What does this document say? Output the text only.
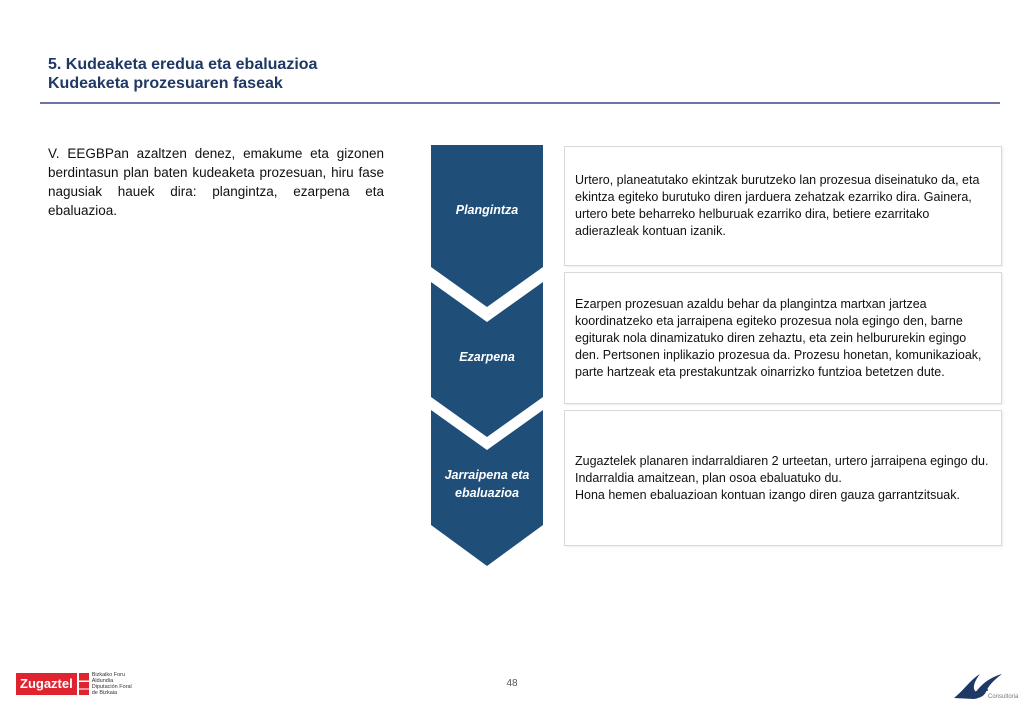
5. Kudeaketa eredua eta ebaluazioa
Kudeaketa prozesuaren faseak
V. EEGBPan azaltzen denez, emakume eta gizonen berdintasun plan baten kudeaketa prozesuan, hiru fase nagusiak hauek dira: plangintza, ezarpena eta ebaluazioa.	Plangintza
Ezarpena
Jarraipena eta
ebaluazioa

Urtero, planeatutako ekintzak burutzeko lan prozesua diseinatuko da, eta ekintza egiteko burutuko diren jarduera zehatzak ezarriko dira. Gainera, urtero bete beharreko helburuak ezarriko dira, betiere ezarritako adierazleak kontuan izanik.

Ezarpen prozesuan azaldu behar da plangintza martxan jartzea koordinatzeko eta jarraipena egiteko prozesua nola egingo den, barne egiturak nola dinamizatuko diren zehaztu, eta zein helbururekin egingo den. Pertsonen inplikazio prozesua da. Prozesu honetan, komunikazioak, parte hartzeak eta prestakuntzak oinarrizko funtzioa betetzen dute.

Zugaztelek planaren indarraldiaren 2 urteetan, urtero jarraipena egingo du. Indarraldia amaitzean, plan osoa ebaluatuko du.

Hona hemen ebaluazioan kontuan izango diren gauza garrantzitsuak.

48
Zugaztel
Bizkaiko Foru Aldundia Diputación Foral de Bizkaia
Consultoria
